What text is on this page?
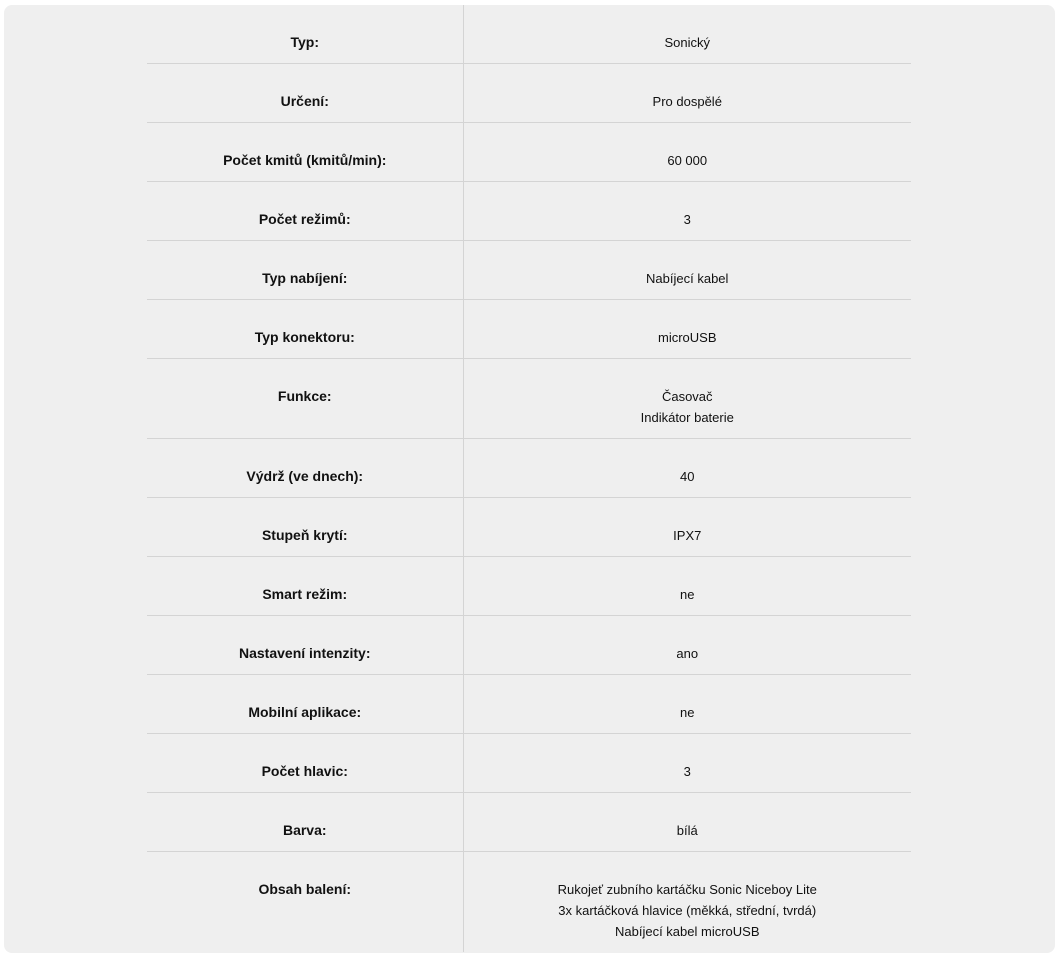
Typ:	Sonický

Určení:	Pro dospělé

Počet kmitů (kmitů/min):	60 000

Počet režimů:	3

Typ nabíjení:	Nabíjecí kabel

Typ konektoru:	microUSB

Funkce:	Časovač
Indikátor baterie

Výdrž (ve dnech):	40

Stupeň krytí:	IPX7

Smart režim:	ne

Nastavení intenzity:	ano

Mobilní aplikace:	ne

Počet hlavic:	3

Barva:	bílá

Obsah balení:	Rukojeť zubního kartáčku Sonic Niceboy Lite
3x kartáčková hlavice (měkká, střední, tvrdá)
Nabíjecí kabel microUSB
